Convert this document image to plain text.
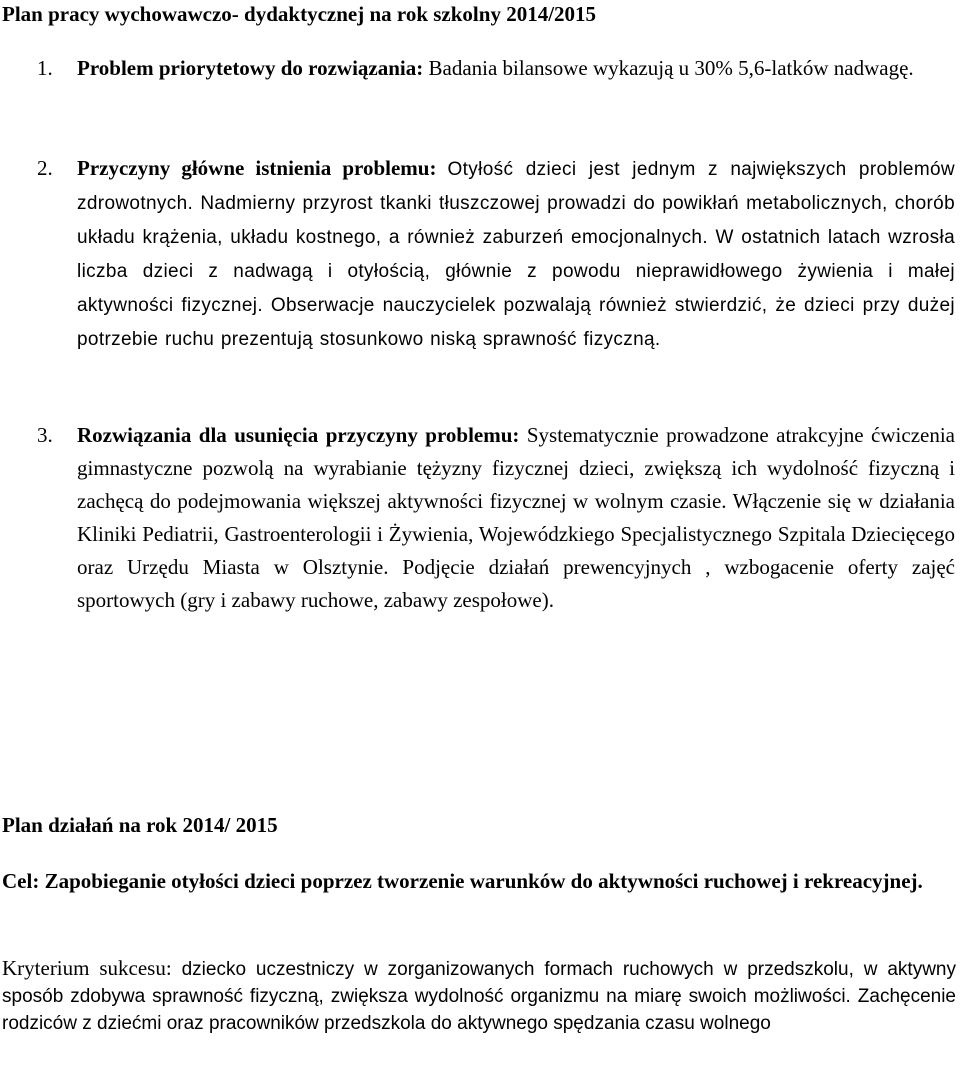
Plan pracy wychowawczo- dydaktycznej na rok szkolny 2014/2015
1. Problem priorytetowy do rozwiązania: Badania bilansowe wykazują u 30% 5,6-latków nadwagę.
2. Przyczyny główne istnienia problemu: Otyłość dzieci jest jednym z największych problemów zdrowotnych. Nadmierny przyrost tkanki tłuszczowej prowadzi do powikłań metabolicznych, chorób układu krążenia, układu kostnego, a również zaburzeń emocjonalnych. W ostatnich latach wzrosła liczba dzieci z nadwagą i otyłością, głównie z powodu nieprawidłowego żywienia i małej aktywności fizycznej. Obserwacje nauczycielek pozwalają również stwierdzić, że dzieci przy dużej potrzebie ruchu prezentują stosunkowo niską sprawność fizyczną.
3. Rozwiązania dla usunięcia przyczyny problemu: Systematycznie prowadzone atrakcyjne ćwiczenia gimnastyczne pozwolą na wyrabianie tężyzny fizycznej dzieci, zwiększą ich wydolność fizyczną i zachęcą do podejmowania większej aktywności fizycznej w wolnym czasie. Włączenie się w działania Kliniki Pediatrii, Gastroenterologii i Żywienia, Wojewódzkiego Specjalistycznego Szpitala Dziecięcego oraz Urzędu Miasta w Olsztynie. Podjęcie działań prewencyjnych , wzbogacenie oferty zajęć sportowych (gry i zabawy ruchowe, zabawy zespołowe).
Plan działań na rok 2014/ 2015
Cel: Zapobieganie otyłości dzieci poprzez tworzenie warunków do aktywności ruchowej i rekreacyjnej.
Kryterium sukcesu: dziecko uczestniczy w zorganizowanych formach ruchowych w przedszkolu, w aktywny sposób zdobywa sprawność fizyczną, zwiększa wydolność organizmu na miarę swoich możliwości. Zachęcenie rodziców z dziećmi oraz pracowników przedszkola do aktywnego spędzania czasu wolnego
